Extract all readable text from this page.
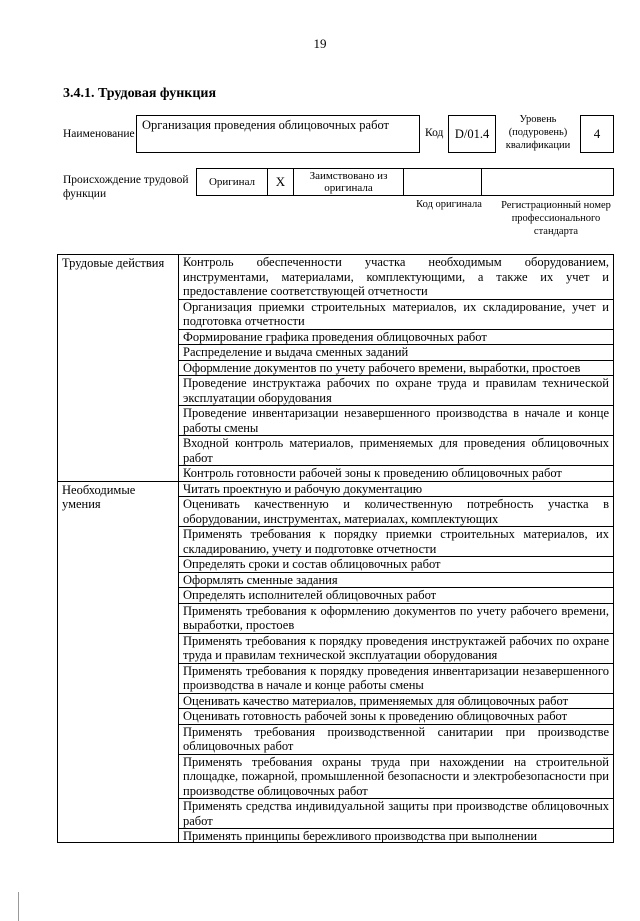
19
3.4.1. Трудовая функция
Наименование
Организация проведения облицовочных работ
Код D/01.4
Уровень (подуровень) квалификации
4
Происхождение трудовой функции
Оригинал	X	Заимствовано из оригинала
Код оригинала	Регистрационный номер профессионального стандарта
Трудовые действия	Контроль обеспеченности участка необходимым оборудованием, инструментами, материалами, комплектующими, а также их учет и предоставление соответствующей отчетности
	Организация приемки строительных материалов, их складирование, учет и подготовка отчетности
	Формирование графика проведения облицовочных работ
	Распределение и выдача сменных заданий
	Оформление документов по учету рабочего времени, выработки, простоев
	Проведение инструктажа рабочих по охране труда и правилам технической эксплуатации оборудования
	Проведение инвентаризации незавершенного производства в начале и конце работы смены
	Входной контроль материалов, применяемых для проведения облицовочных работ
	Контроль готовности рабочей зоны к проведению облицовочных работ
Необходимые умения	Читать проектную и рабочую документацию
	Оценивать качественную и количественную потребность участка в оборудовании, инструментах, материалах, комплектующих
	Применять требования к порядку приемки строительных материалов, их складированию, учету и подготовке отчетности
	Определять сроки и состав облицовочных работ
	Оформлять сменные задания
	Определять исполнителей облицовочных работ
	Применять требования к оформлению документов по учету рабочего времени, выработки, простоев
	Применять требования к порядку проведения инструктажей рабочих по охране труда и правилам технической эксплуатации оборудования
	Применять требования к порядку проведения инвентаризации незавершенного производства в начале и конце работы смены
	Оценивать качество материалов, применяемых для облицовочных работ
	Оценивать готовность рабочей зоны к проведению облицовочных работ
	Применять требования производственной санитарии при производстве облицовочных работ
	Применять требования охраны труда при нахождении на строительной площадке, пожарной, промышленной безопасности и электробезопасности при производстве облицовочных работ
	Применять средства индивидуальной защиты при производстве облицовочных работ

	Применять принципы бережливого производства при выполнении
